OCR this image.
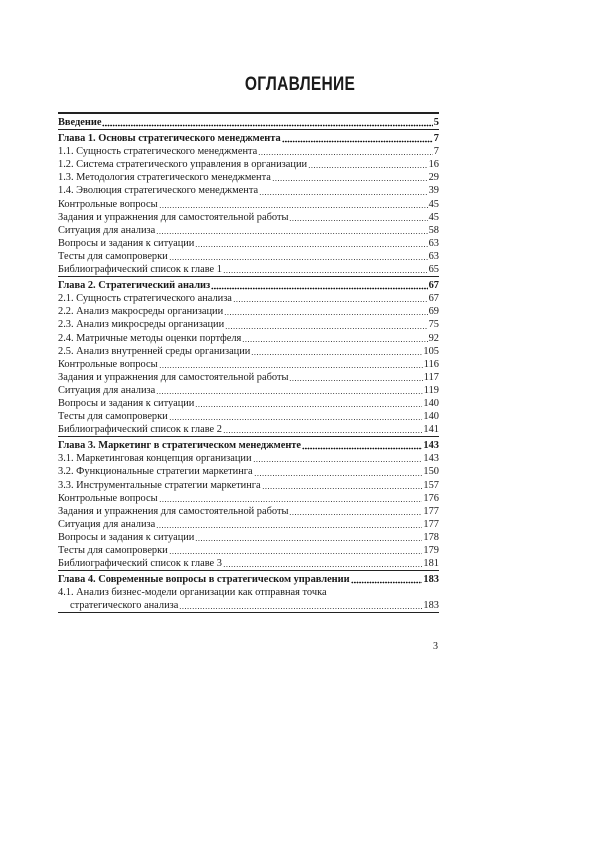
ОГЛАВЛЕНИЕ
Введение	5
Глава 1. Основы стратегического менеджмента	7
1.1. Сущность стратегического менеджмента	7
1.2. Система стратегического управления в организации	16
1.3. Методология стратегического менеджмента	29
1.4. Эволюция стратегического менеджмента	39
Контрольные вопросы	45
Задания и упражнения для самостоятельной работы	45
Ситуация для анализа	58
Вопросы и задания к ситуации	63
Тесты для самопроверки	63
Библиографический список к главе 1	65
Глава 2. Стратегический анализ	67
2.1. Сущность стратегического анализа	67
2.2. Анализ макросреды организации	69
2.3. Анализ микросреды организации	75
2.4. Матричные методы оценки портфеля	92
2.5. Анализ внутренней среды организации	105
Контрольные вопросы	116
Задания и упражнения для самостоятельной работы	117
Ситуация для анализа	119
Вопросы и задания к ситуации	140
Тесты для самопроверки	140
Библиографический список к главе 2	141
Глава 3. Маркетинг в стратегическом менеджменте	143
3.1. Маркетинговая концепция организации	143
3.2. Функциональные стратегии маркетинга	150
3.3. Инструментальные стратегии маркетинга	157
Контрольные вопросы	176
Задания и упражнения для самостоятельной работы	177
Ситуация для анализа	177
Вопросы и задания к ситуации	178
Тесты для самопроверки	179
Библиографический список к главе 3	181
Глава 4. Современные вопросы в стратегическом управлении	183
4.1. Анализ бизнес-модели организации как отправная точка
стратегического анализа	183
3
